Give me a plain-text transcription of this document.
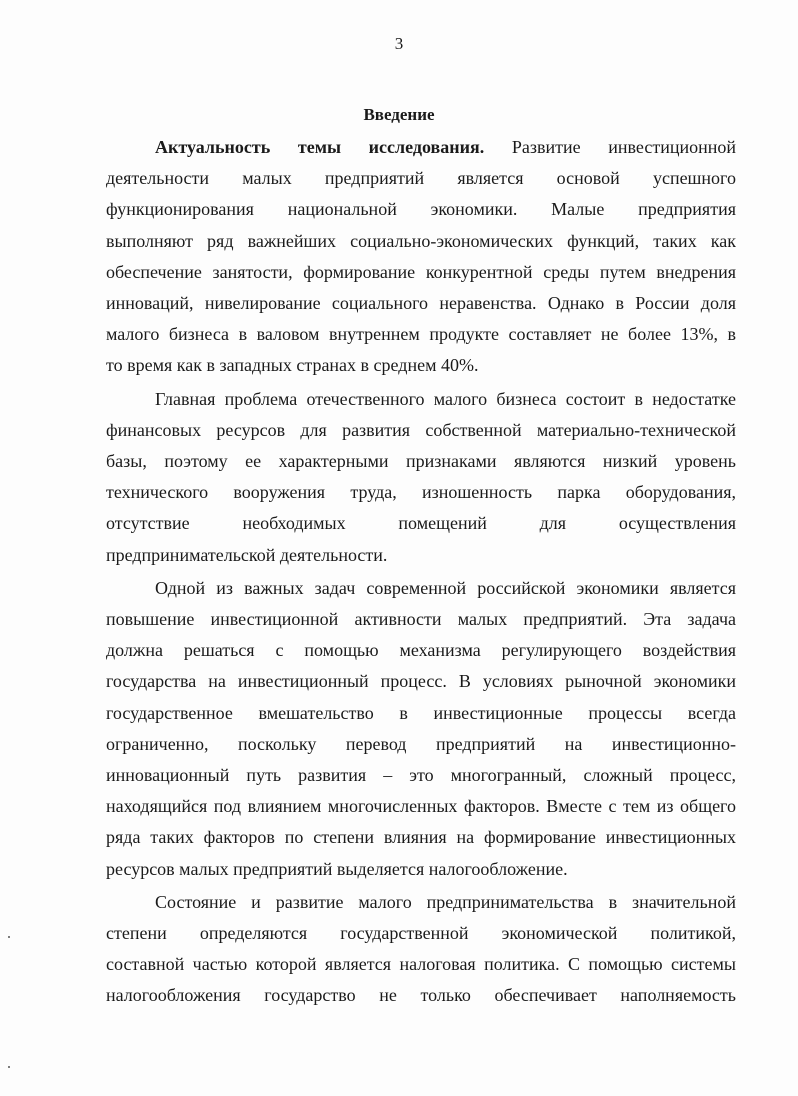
3
Введение
Актуальность темы исследования. Развитие инвестиционной
деятельности малых предприятий является основой успешного
функционирования национальной экономики. Малые предприятия
выполняют ряд важнейших социально-экономических функций, таких как
обеспечение занятости, формирование конкурентной среды путем внедрения
инноваций, нивелирование социального неравенства. Однако в России доля
малого бизнеса в валовом внутреннем продукте составляет не более 13%, в
то время как в западных странах в среднем 40%.
Главная проблема отечественного малого бизнеса состоит в недостатке
финансовых ресурсов для развития собственной материально-технической
базы, поэтому ее характерными признаками являются низкий уровень
технического вооружения труда, изношенность парка оборудования,
отсутствие необходимых помещений для осуществления
предпринимательской деятельности.
Одной из важных задач современной российской экономики является
повышение инвестиционной активности малых предприятий. Эта задача
должна решаться с помощью механизма регулирующего воздействия
государства на инвестиционный процесс. В условиях рыночной экономики
государственное вмешательство в инвестиционные процессы всегда
ограниченно, поскольку перевод предприятий на инвестиционно-
инновационный путь развития – это многогранный, сложный процесс,
находящийся под влиянием многочисленных факторов. Вместе с тем из общего
ряда таких факторов по степени влияния на формирование инвестиционных
ресурсов малых предприятий выделяется налогообложение.
Состояние и развитие малого предпринимательства в значительной
степени определяются государственной экономической политикой,
составной частью которой является налоговая политика. С помощью системы
налогообложения государство не только обеспечивает наполняемость
